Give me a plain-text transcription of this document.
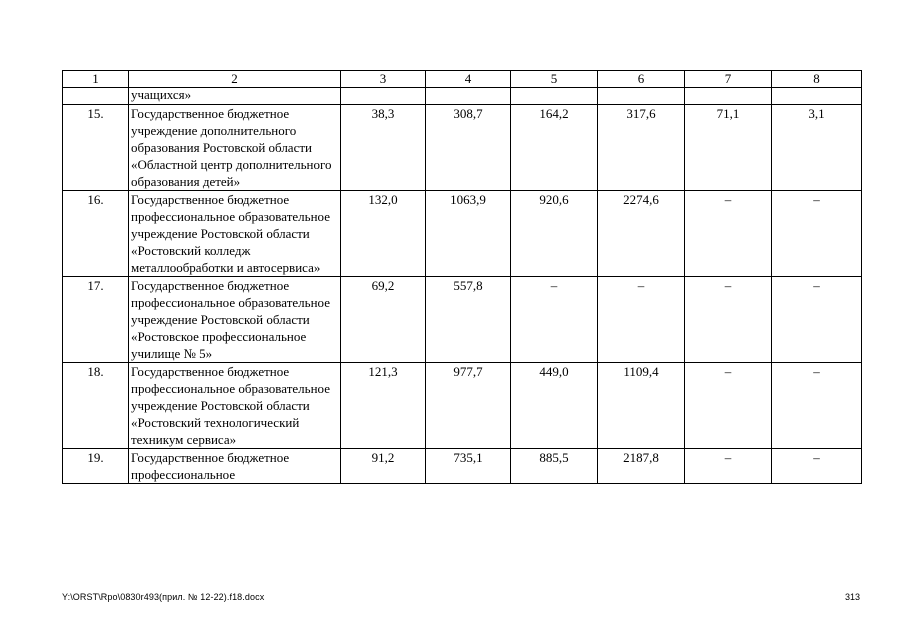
1	2	3	4	5	6	7	8
	учащихся»						
15.	Государственное бюджетное учреждение дополнительного образования Ростовской области «Областной центр дополнительного образования детей»	38,3	308,7	164,2	317,6	71,1	3,1
16.	Государственное бюджетное профессиональное образовательное учреждение Ростовской области «Ростовский колледж металлообработки и автосервиса»	132,0	1063,9	920,6	2274,6	–	–
17.	Государственное бюджетное профессиональное образовательное учреждение Ростовской области «Ростовское профессиональное училище № 5»	69,2	557,8	–	–	–	–
18.	Государственное бюджетное профессиональное образовательное учреждение Ростовской области «Ростовский технологический техникум сервиса»	121,3	977,7	449,0	1109,4	–	–
19.	Государственное бюджетное профессиональное	91,2	735,1	885,5	2187,8	–	–
Y:\ORST\Rpo\0830r493(прил. № 12-22).f18.docx	313
